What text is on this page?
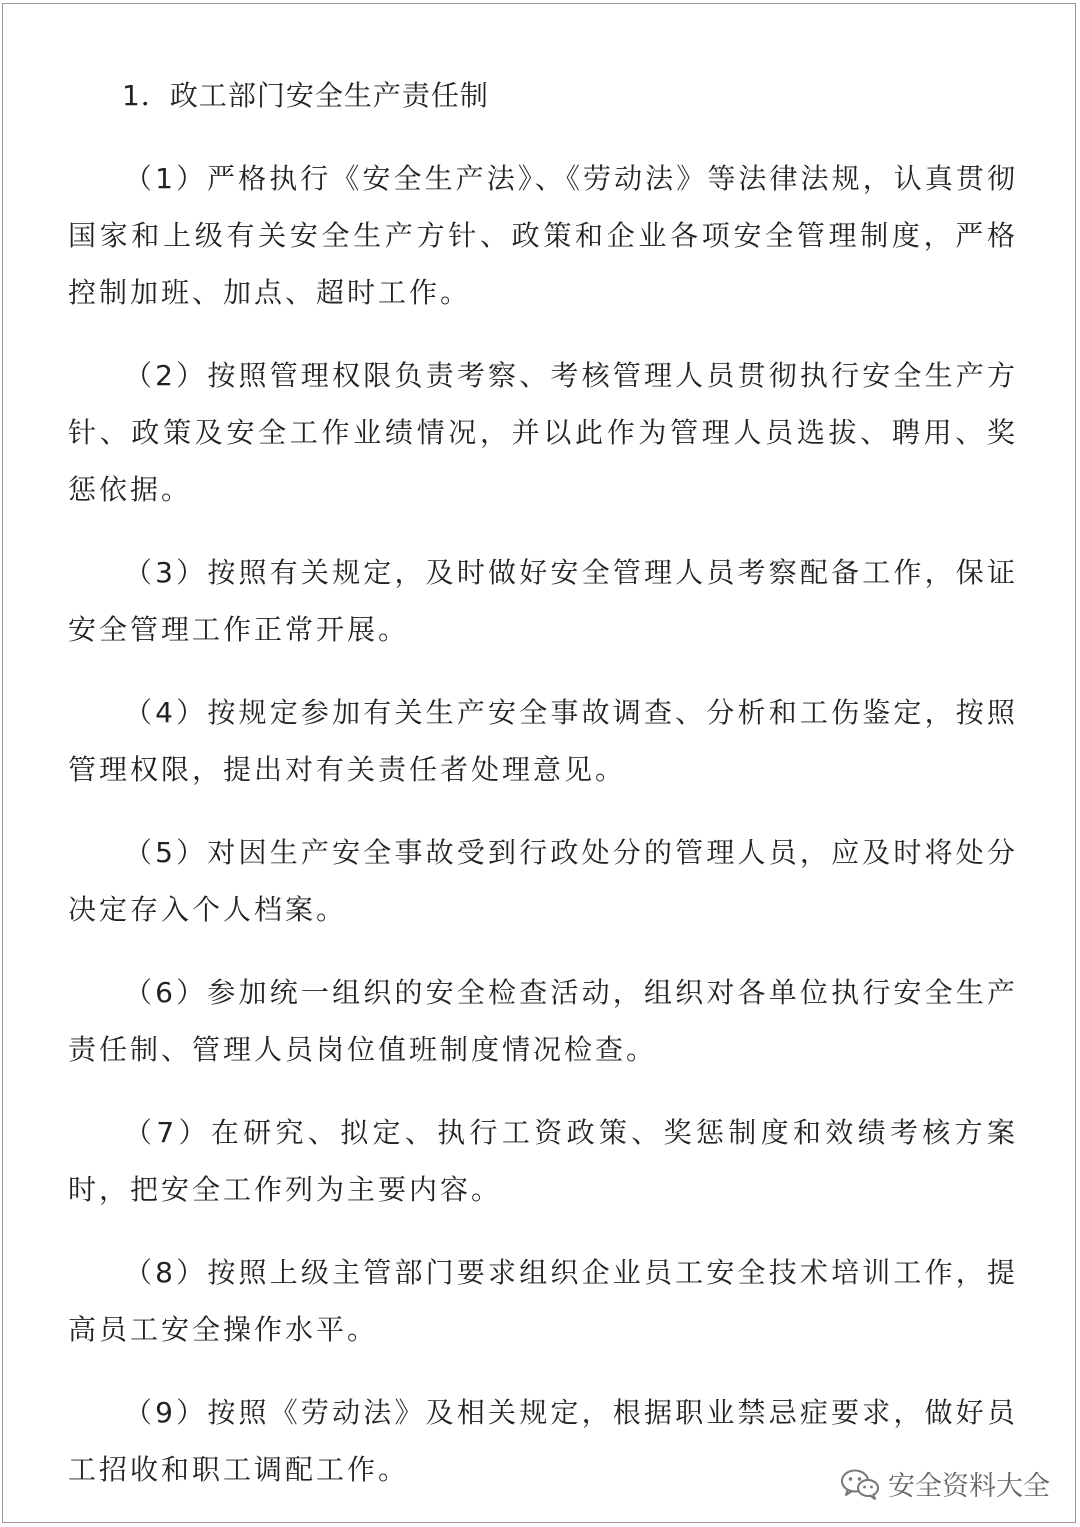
1．政工部门安全生产责任制
（1）严格执行《安全生产法》、《劳动法》等法律法规，认真贯彻国家和上级有关安全生产方针、政策和企业各项安全管理制度，严格控制加班、加点、超时工作。
（2）按照管理权限负责考察、考核管理人员贯彻执行安全生产方针、政策及安全工作业绩情况，并以此作为管理人员选拔、聘用、奖惩依据。
（3）按照有关规定，及时做好安全管理人员考察配备工作，保证安全管理工作正常开展。
（4）按规定参加有关生产安全事故调查、分析和工伤鉴定，按照管理权限，提出对有关责任者处理意见。
（5）对因生产安全事故受到行政处分的管理人员，应及时将处分决定存入个人档案。
（6）参加统一组织的安全检查活动，组织对各单位执行安全生产责任制、管理人员岗位值班制度情况检查。
（7）在研究、拟定、执行工资政策、奖惩制度和效绩考核方案时，把安全工作列为主要内容。
（8）按照上级主管部门要求组织企业员工安全技术培训工作，提高员工安全操作水平。
（9）按照《劳动法》及相关规定，根据职业禁忌症要求，做好员工招收和职工调配工作。
安全资料大全
